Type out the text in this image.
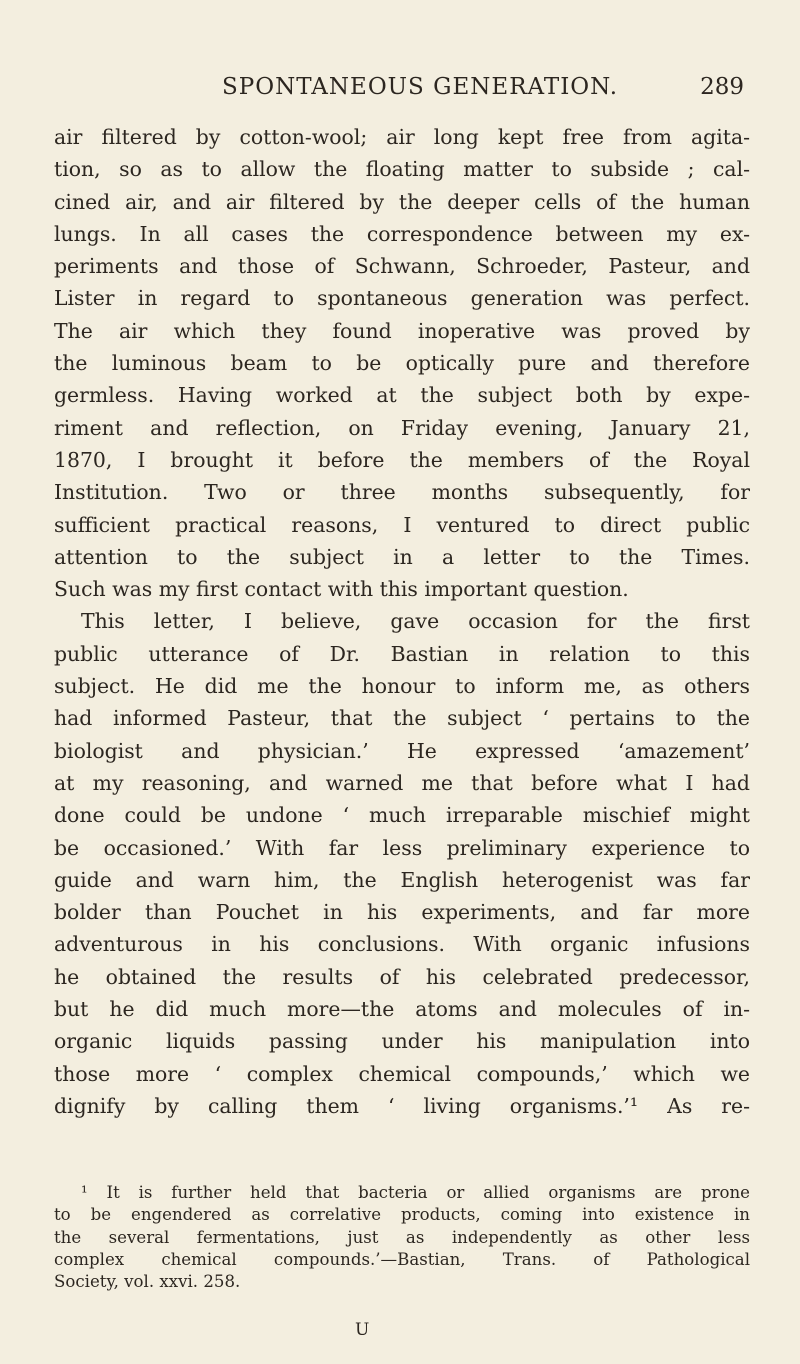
SPONTANEOUS GENERATION.	289
air filtered by cotton-wool; air long kept free from agita-
tion, so as to allow the floating matter to subside ; cal-
cined air, and air filtered by the deeper cells of the human
lungs. In all cases the correspondence between my ex-
periments and those of Schwann, Schroeder, Pasteur, and
Lister in regard to spontaneous generation was perfect.
The air which they found inoperative was proved by
the luminous beam to be optically pure and therefore
germless. Having worked at the subject both by expe-
riment and reflection, on Friday evening, January 21,
1870, I brought it before the members of the Royal
Institution. Two or three months subsequently, for
sufficient practical reasons, I ventured to direct public
attention to the subject in a letter to the Times.
Such was my first contact with this important question.
This letter, I believe, gave occasion for the first
public utterance of Dr. Bastian in relation to this
subject. He did me the honour to inform me, as others
had informed Pasteur, that the subject ‘ pertains to the
biologist and physician.’ He expressed ‘amazement’
at my reasoning, and warned me that before what I had
done could be undone ‘ much irreparable mischief might
be occasioned.’ With far less preliminary experience to
guide and warn him, the English heterogenist was far
bolder than Pouchet in his experiments, and far more
adventurous in his conclusions. With organic infusions
he obtained the results of his celebrated predecessor,
but he did much more—the atoms and molecules of in-
organic liquids passing under his manipulation into
those more ‘ complex chemical compounds,’ which we
dignify by calling them ‘ living organisms.’¹ As re-
¹ It is further held that bacteria or allied organisms are prone
to be engendered as correlative products, coming into existence in
the several fermentations, just as independently as other less
complex chemical compounds.’—Bastian, Trans. of Pathological
Society, vol. xxvi. 258.
U
